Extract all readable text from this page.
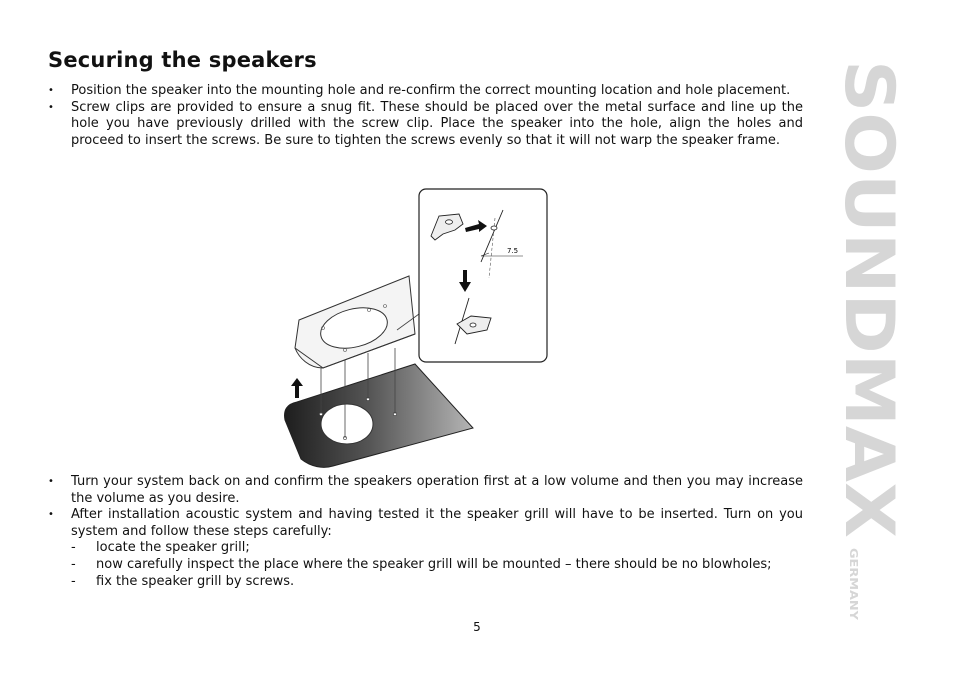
Securing the speakers
• Position the speaker into the mounting hole and re-confirm the correct mounting location and hole placement.
• Screw clips are provided to ensure a snug fit. These should be placed over the metal surface and line up the hole you have previously drilled with the screw clip. Place the speaker into the hole, align the holes and proceed to insert the screws. Be sure to tighten the screws evenly so that it will not warp the speaker frame.
7.5
• Turn your system back on and confirm the speakers operation first at a low volume and then you may increase the volume as you desire.
• After installation acoustic system and having tested it the speaker grill will have to be inserted. Turn on you system and follow these steps carefully:
- locate the speaker grill;
- now carefully inspect the place where the speaker grill will be mounted – there should be no blowholes;
- fix the speaker grill by screws.
5
SOUNDMAX
GERMANY
